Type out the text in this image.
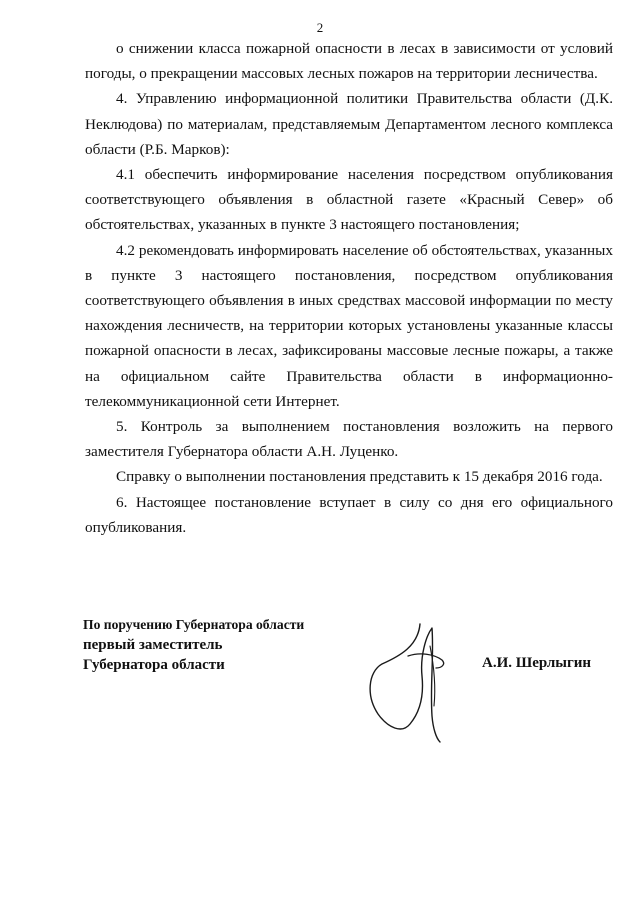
2

о снижении класса пожарной опасности в лесах в зависимости от условий погоды, о прекращении массовых лесных пожаров на территории лесничества.

4. Управлению информационной политики Правительства области (Д.К. Неклюдова) по материалам, представляемым Департаментом лесного комплекса области (Р.Б. Марков):

4.1 обеспечить информирование населения посредством опубликования соответствующего объявления в областной газете «Красный Север» об обстоятельствах, указанных в пункте 3 настоящего постановления;

4.2 рекомендовать информировать население об обстоятельствах, указанных в пункте 3 настоящего постановления, посредством опубликования соответствующего объявления в иных средствах массовой информации по месту нахождения лесничеств, на территории которых установлены указанные классы пожарной опасности в лесах, зафиксированы массовые лесные пожары, а также на официальном сайте Правительства области в информационно-телекоммуникационной сети Интернет.

5. Контроль за выполнением постановления возложить на первого заместителя Губернатора области А.Н. Луценко.

Справку о выполнении постановления представить к 15 декабря 2016 года.

6. Настоящее постановление вступает в силу со дня его официального опубликования.

По поручению Губернатора области
первый заместитель
Губернатора области	А.И. Шерлыгин
